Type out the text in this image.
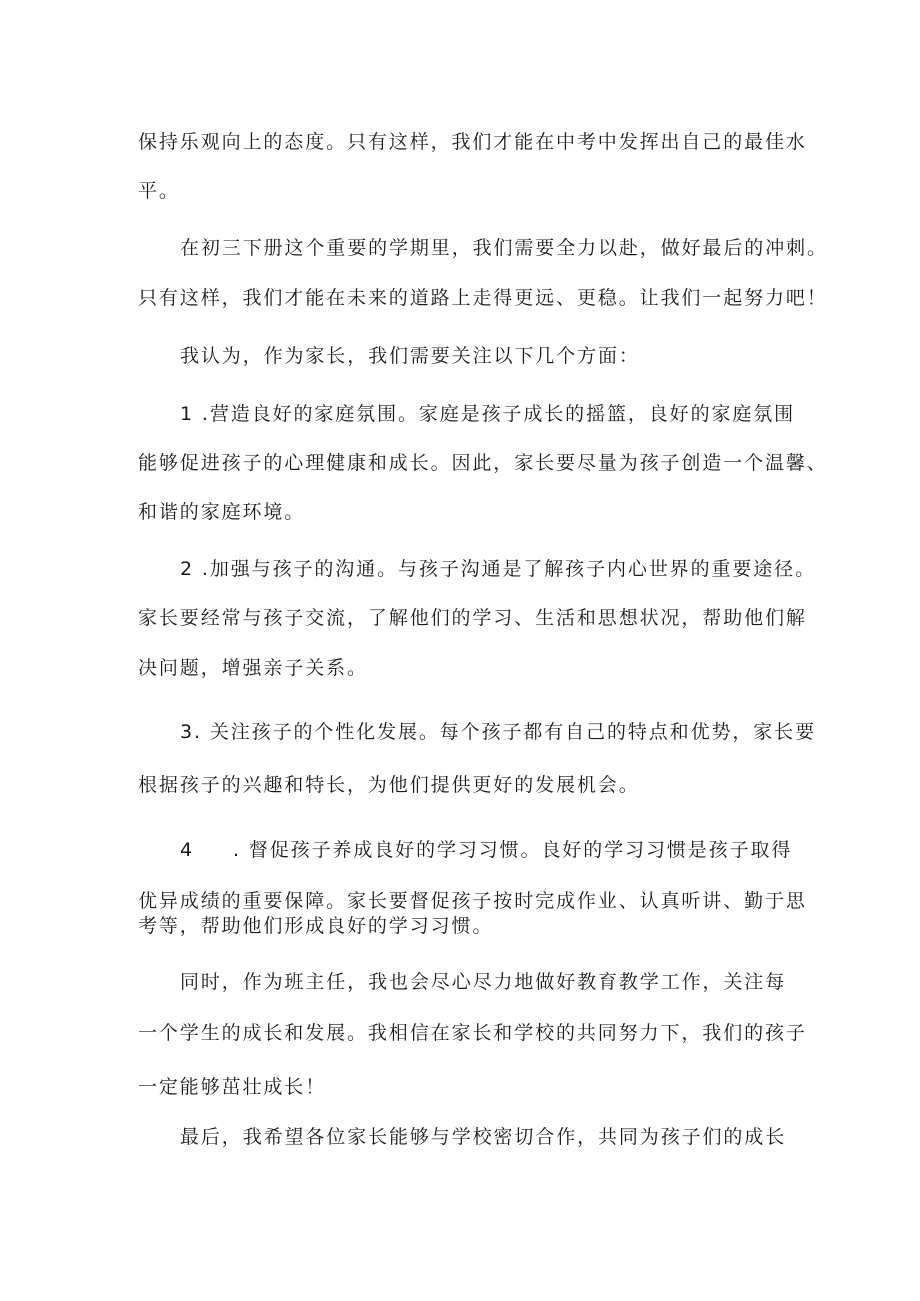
保持乐观向上的态度。只有这样，我们才能在中考中发挥出自己的最佳水
平。
在初三下册这个重要的学期里，我们需要全力以赴，做好最后的冲刺。
只有这样，我们才能在未来的道路上走得更远、更稳。让我们一起努力吧！
我认为，作为家长，我们需要关注以下几个方面：
1 .营造良好的家庭氛围。家庭是孩子成长的摇篮，良好的家庭氛围
能够促进孩子的心理健康和成长。因此，家长要尽量为孩子创造一个温馨、
和谐的家庭环境。
2 .加强与孩子的沟通。与孩子沟通是了解孩子内心世界的重要途径。
家长要经常与孩子交流，了解他们的学习、生活和思想状况，帮助他们解
决问题，增强亲子关系。
3. 关注孩子的个性化发展。每个孩子都有自己的特点和优势，家长要
根据孩子的兴趣和特长，为他们提供更好的发展机会。
4 . 督促孩子养成良好的学习习惯。良好的学习习惯是孩子取得
优异成绩的重要保障。家长要督促孩子按时完成作业、认真听讲、勤于思
考等，帮助他们形成良好的学习习惯。
同时，作为班主任，我也会尽心尽力地做好教育教学工作，关注每
一个学生的成长和发展。我相信在家长和学校的共同努力下，我们的孩子
一定能够茁壮成长！
最后，我希望各位家长能够与学校密切合作，共同为孩子们的成长
